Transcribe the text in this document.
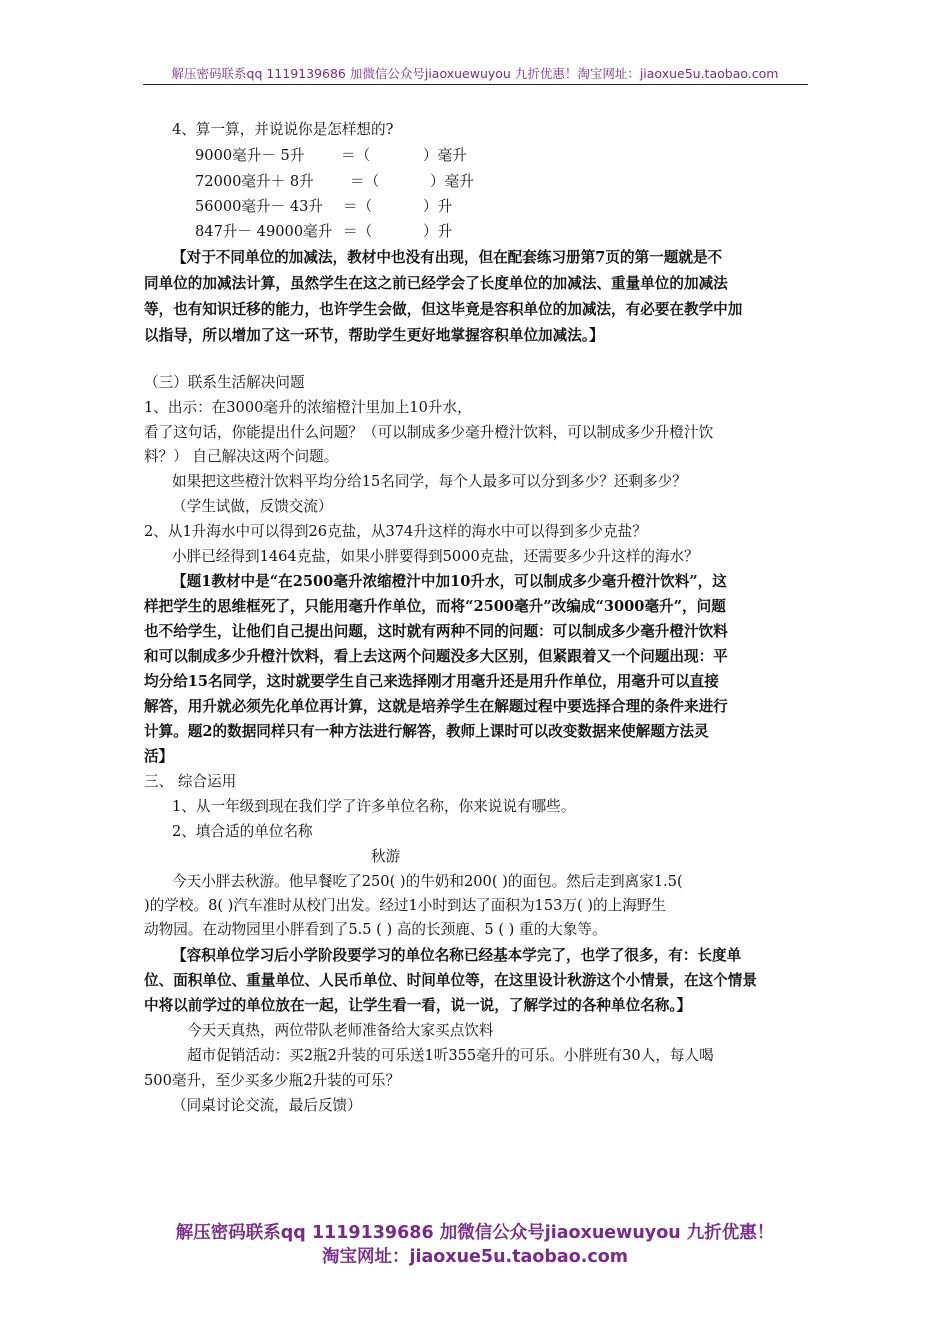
解压密码联系qq 1119139686 加微信公众号jiaoxuewuyou 九折优惠！淘宝网址：jiaoxue5u.taobao.com
4、算一算，并说说你是怎样想的?
9000毫升－ 5升	＝（	）毫升
72000毫升＋ 8升 ＝（	）毫升
56000毫升－ 43升 ＝（	）升
847升－ 49000毫升 ＝（	）升
【对于不同单位的加减法，教材中也没有出现，但在配套练习册第7页的第一题就是不
同单位的加减法计算，虽然学生在这之前已经学会了长度单位的加减法、重量单位的加减法
等，也有知识迁移的能力，也许学生会做，但这毕竟是容积单位的加减法，有必要在教学中加
以指导，所以增加了这一环节，帮助学生更好地掌握容积单位加减法。】
（三）联系生活解决问题
1、出示：在3000毫升的浓缩橙汁里加上10升水，
看了这句话，你能提出什么问题？（可以制成多少毫升橙汁饮料，可以制成多少升橙汁饮
料？） 自己解决这两个问题。
如果把这些橙汁饮料平均分给15名同学，每个人最多可以分到多少？还剩多少？
（学生试做，反馈交流）
2、从1升海水中可以得到26克盐，从374升这样的海水中可以得到多少克盐？
小胖已经得到1464克盐，如果小胖要得到5000克盐，还需要多少升这样的海水？
【题1教材中是“在2500毫升浓缩橙汁中加10升水，可以制成多少毫升橙汁饮料”，这
样把学生的思维框死了，只能用毫升作单位，而将“2500毫升”改编成“3000毫升”，问题
也不给学生，让他们自己提出问题，这时就有两种不同的问题：可以制成多少毫升橙汁饮料
和可以制成多少升橙汁饮料，看上去这两个问题没多大区别，但紧跟着又一个问题出现：平
均分给15名同学，这时就要学生自己来选择刚才用毫升还是用升作单位，用毫升可以直接
解答，用升就必须先化单位再计算，这就是培养学生在解题过程中要选择合理的条件来进行
计算。题2的数据同样只有一种方法进行解答，教师上课时可以改变数据来使解题方法灵
活】
三、 综合运用
1、从一年级到现在我们学了许多单位名称，你来说说有哪些。
2、填合适的单位名称
秋游
今天小胖去秋游。他早餐吃了250( )的牛奶和200( )的面包。然后走到离家1.5(
)的学校。8( )汽车准时从校门出发。经过1小时到达了面积为153万( )的上海野生
动物园。在动物园里小胖看到了5.5 ( ) 高的长颈鹿、5 ( ) 重的大象等。
【容积单位学习后小学阶段要学习的单位名称已经基本学完了，也学了很多，有：长度单
位、面积单位、重量单位、人民币单位、时间单位等，在这里设计秋游这个小情景，在这个情景
中将以前学过的单位放在一起，让学生看一看，说一说，了解学过的各种单位名称。】
今天天真热，两位带队老师准备给大家买点饮料
超市促销活动：买2瓶2升装的可乐送1听355毫升的可乐。小胖班有30人，每人喝
500毫升，至少买多少瓶2升装的可乐？
（同桌讨论交流，最后反馈）
解压密码联系qq 1119139686 加微信公众号jiaoxuewuyou 九折优惠！
淘宝网址：jiaoxue5u.taobao.com
